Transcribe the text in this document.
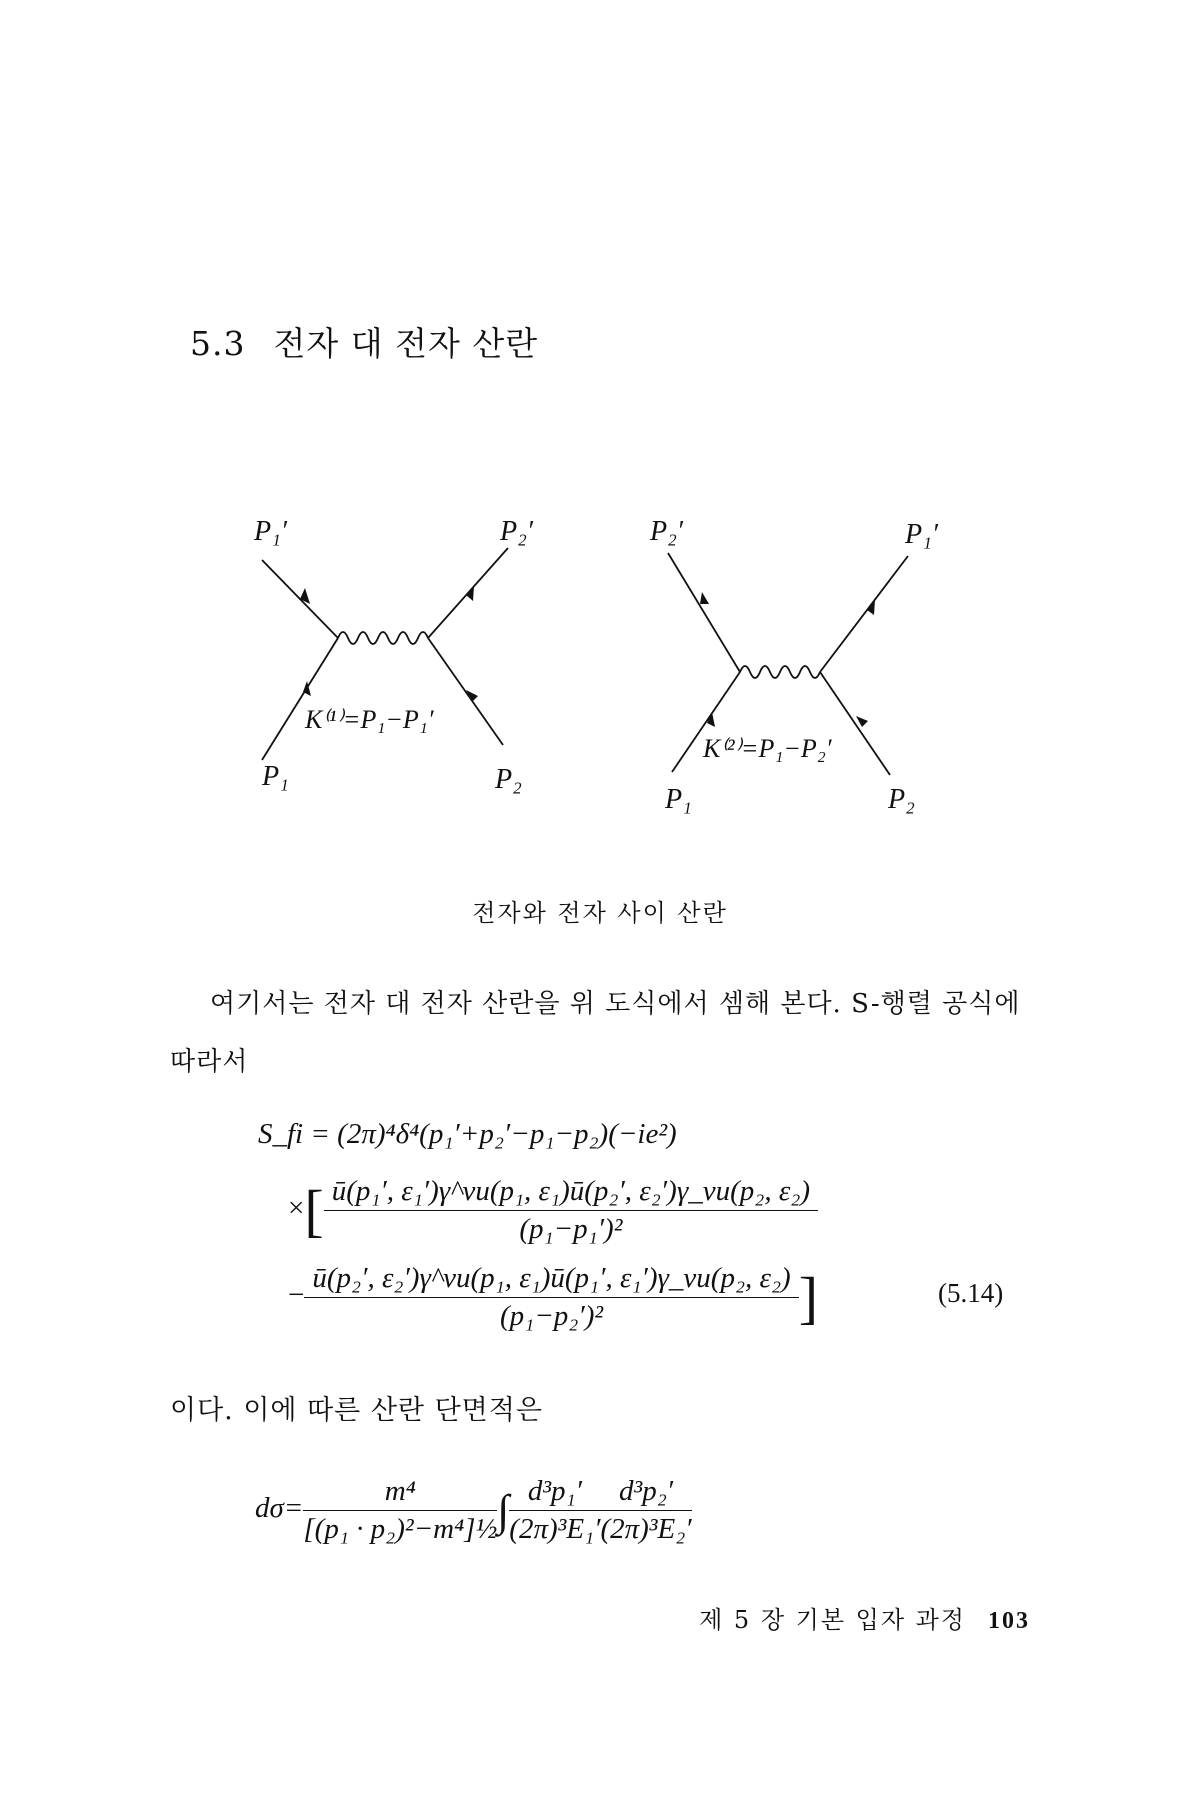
5.3 전자 대 전자 산란
P₁′	P₂′
P₁	P₂
K⁽¹⁾=P₁−P₁′
P₂′	P₁′
P₁	P₂
K⁽²⁾=P₁−P₂′
전자와 전자 사이 산란
여기서는 전자 대 전자 산란을 위 도식에서 셈해 본다. S-행렬 공식에 따라서
S_fi = (2π)⁴δ⁴(p₁′+p₂′−p₁−p₂)(−ie²)
×[ $\frac{\text{ū(p₁′, ε₁′)γ\textasciicircum{}νu(p₁, ε₁)ū(p₂′, ε₂′)γ\_νu(p₂, ε₂)}}{\text{(p₁−p₁′)²}}$
− $\frac{\text{ū(p₂′, ε₂′)γ\textasciicircum{}νu(p₁, ε₁)ū(p₁′, ε₁′)γ\_νu(p₂, ε₂)}}{\text{(p₁−p₂′)²}}$ ]	(5.14)
이다. 이에 따른 산란 단면적은
$d\sigma= \frac{\text{m⁴}}{\text{[(p₁ · p₂)²−m⁴]½}}$ ∫ $\frac{\text{d³p₁′}}{\text{(2π)³E₁′}} \frac{\text{d³p₂′}}{\text{(2π)³E₂′}}$
제 5 장 기본 입자 과정 103
